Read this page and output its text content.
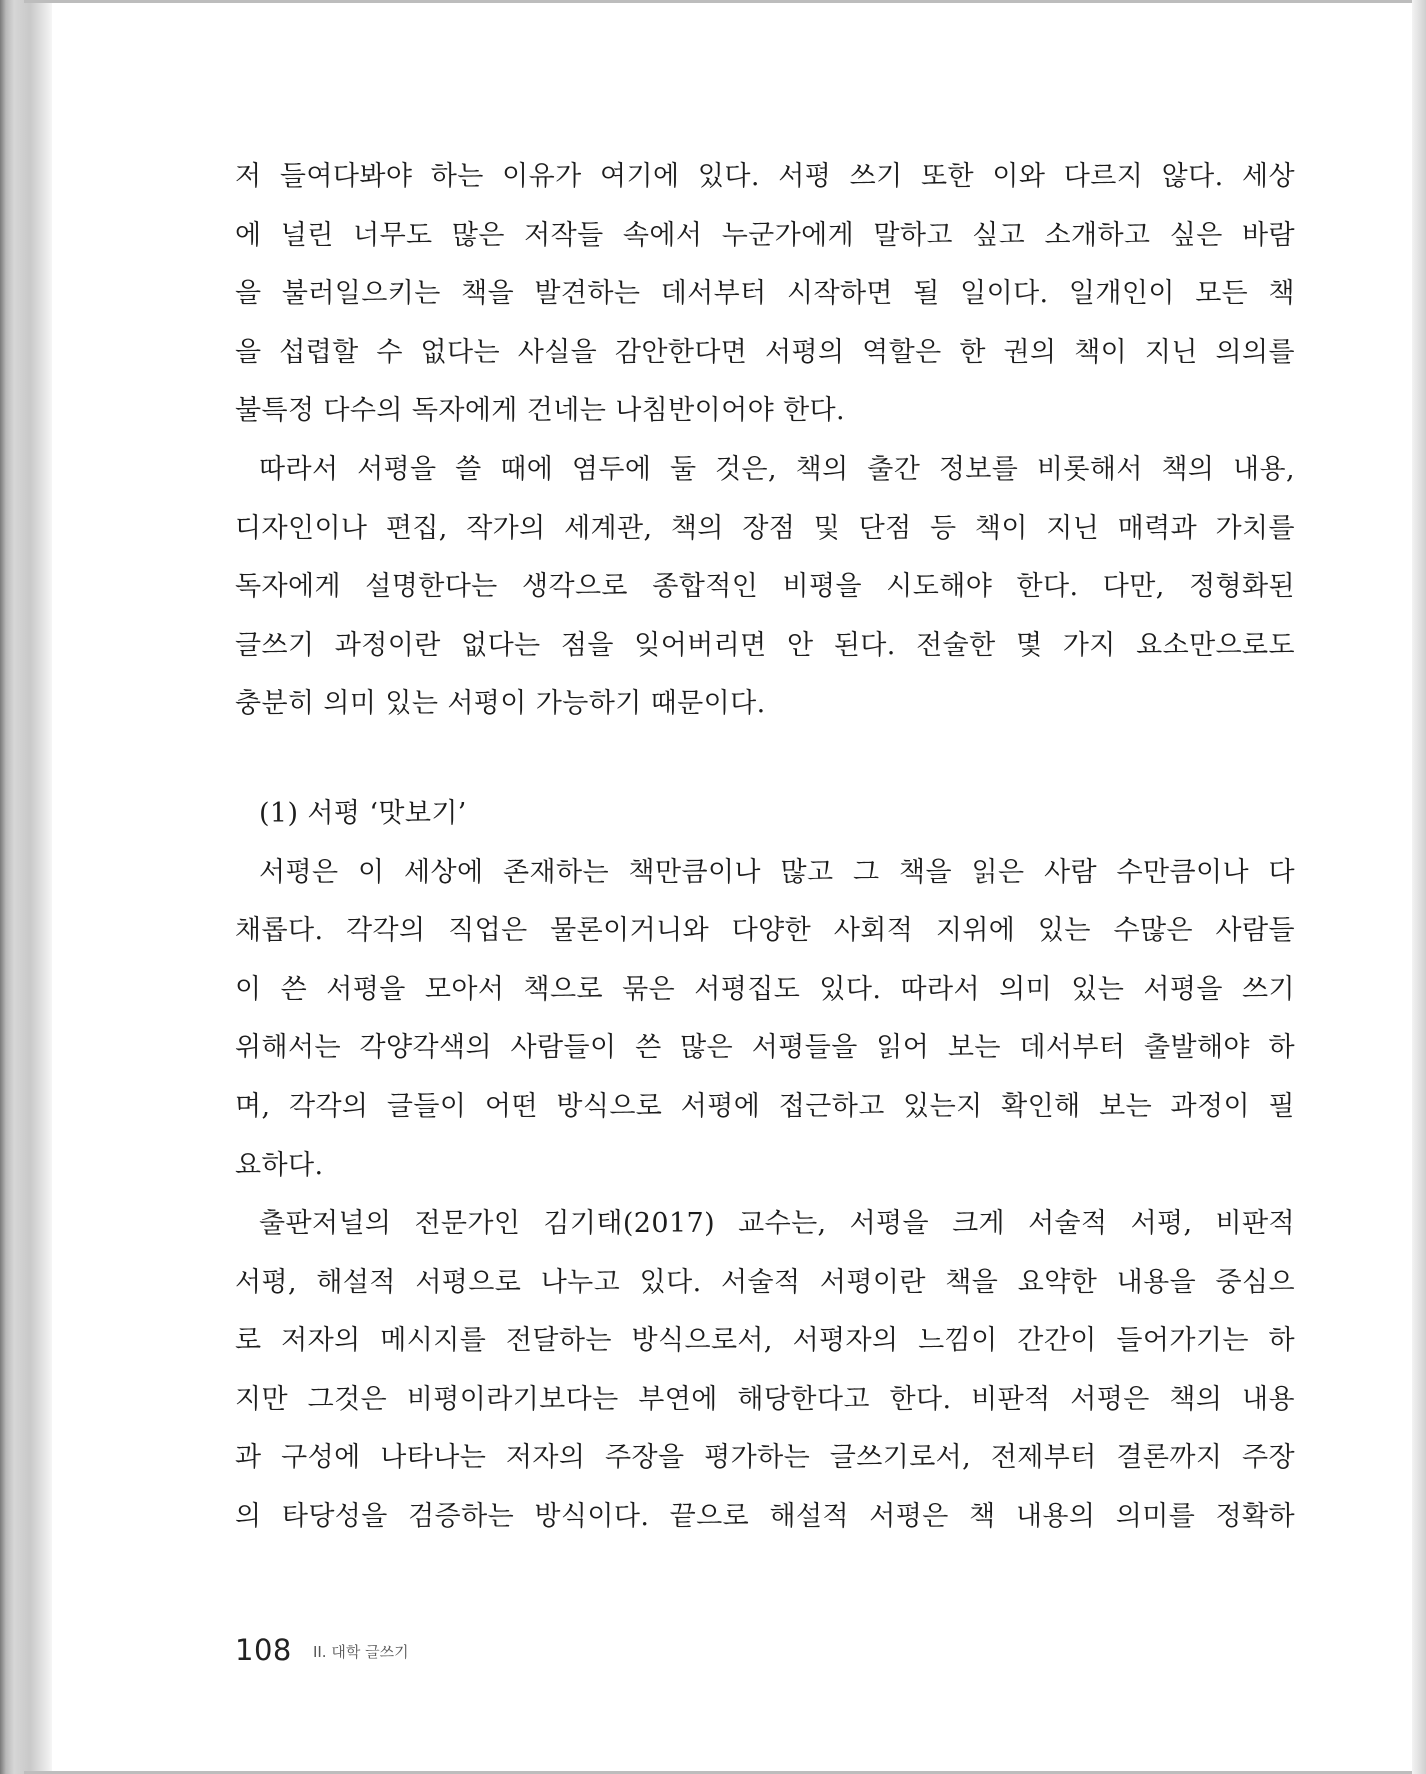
저 들여다봐야 하는 이유가 여기에 있다. 서평 쓰기 또한 이와 다르지 않다. 세상
에 널린 너무도 많은 저작들 속에서 누군가에게 말하고 싶고 소개하고 싶은 바람
을 불러일으키는 책을 발견하는 데서부터 시작하면 될 일이다. 일개인이 모든 책
을 섭렵할 수 없다는 사실을 감안한다면 서평의 역할은 한 권의 책이 지닌 의의를
불특정 다수의 독자에게 건네는 나침반이어야 한다.
따라서 서평을 쓸 때에 염두에 둘 것은, 책의 출간 정보를 비롯해서 책의 내용,
디자인이나 편집, 작가의 세계관, 책의 장점 및 단점 등 책이 지닌 매력과 가치를
독자에게 설명한다는 생각으로 종합적인 비평을 시도해야 한다. 다만, 정형화된
글쓰기 과정이란 없다는 점을 잊어버리면 안 된다. 전술한 몇 가지 요소만으로도
충분히 의미 있는 서평이 가능하기 때문이다.
(1) 서평 ‘맛보기’
서평은 이 세상에 존재하는 책만큼이나 많고 그 책을 읽은 사람 수만큼이나 다
채롭다. 각각의 직업은 물론이거니와 다양한 사회적 지위에 있는 수많은 사람들
이 쓴 서평을 모아서 책으로 묶은 서평집도 있다. 따라서 의미 있는 서평을 쓰기
위해서는 각양각색의 사람들이 쓴 많은 서평들을 읽어 보는 데서부터 출발해야 하
며, 각각의 글들이 어떤 방식으로 서평에 접근하고 있는지 확인해 보는 과정이 필
요하다.
출판저널의 전문가인 김기태(2017) 교수는, 서평을 크게 서술적 서평, 비판적
서평, 해설적 서평으로 나누고 있다. 서술적 서평이란 책을 요약한 내용을 중심으
로 저자의 메시지를 전달하는 방식으로서, 서평자의 느낌이 간간이 들어가기는 하
지만 그것은 비평이라기보다는 부연에 해당한다고 한다. 비판적 서평은 책의 내용
과 구성에 나타나는 저자의 주장을 평가하는 글쓰기로서, 전제부터 결론까지 주장
의 타당성을 검증하는 방식이다. 끝으로 해설적 서평은 책 내용의 의미를 정확하
108 II. 대학 글쓰기
